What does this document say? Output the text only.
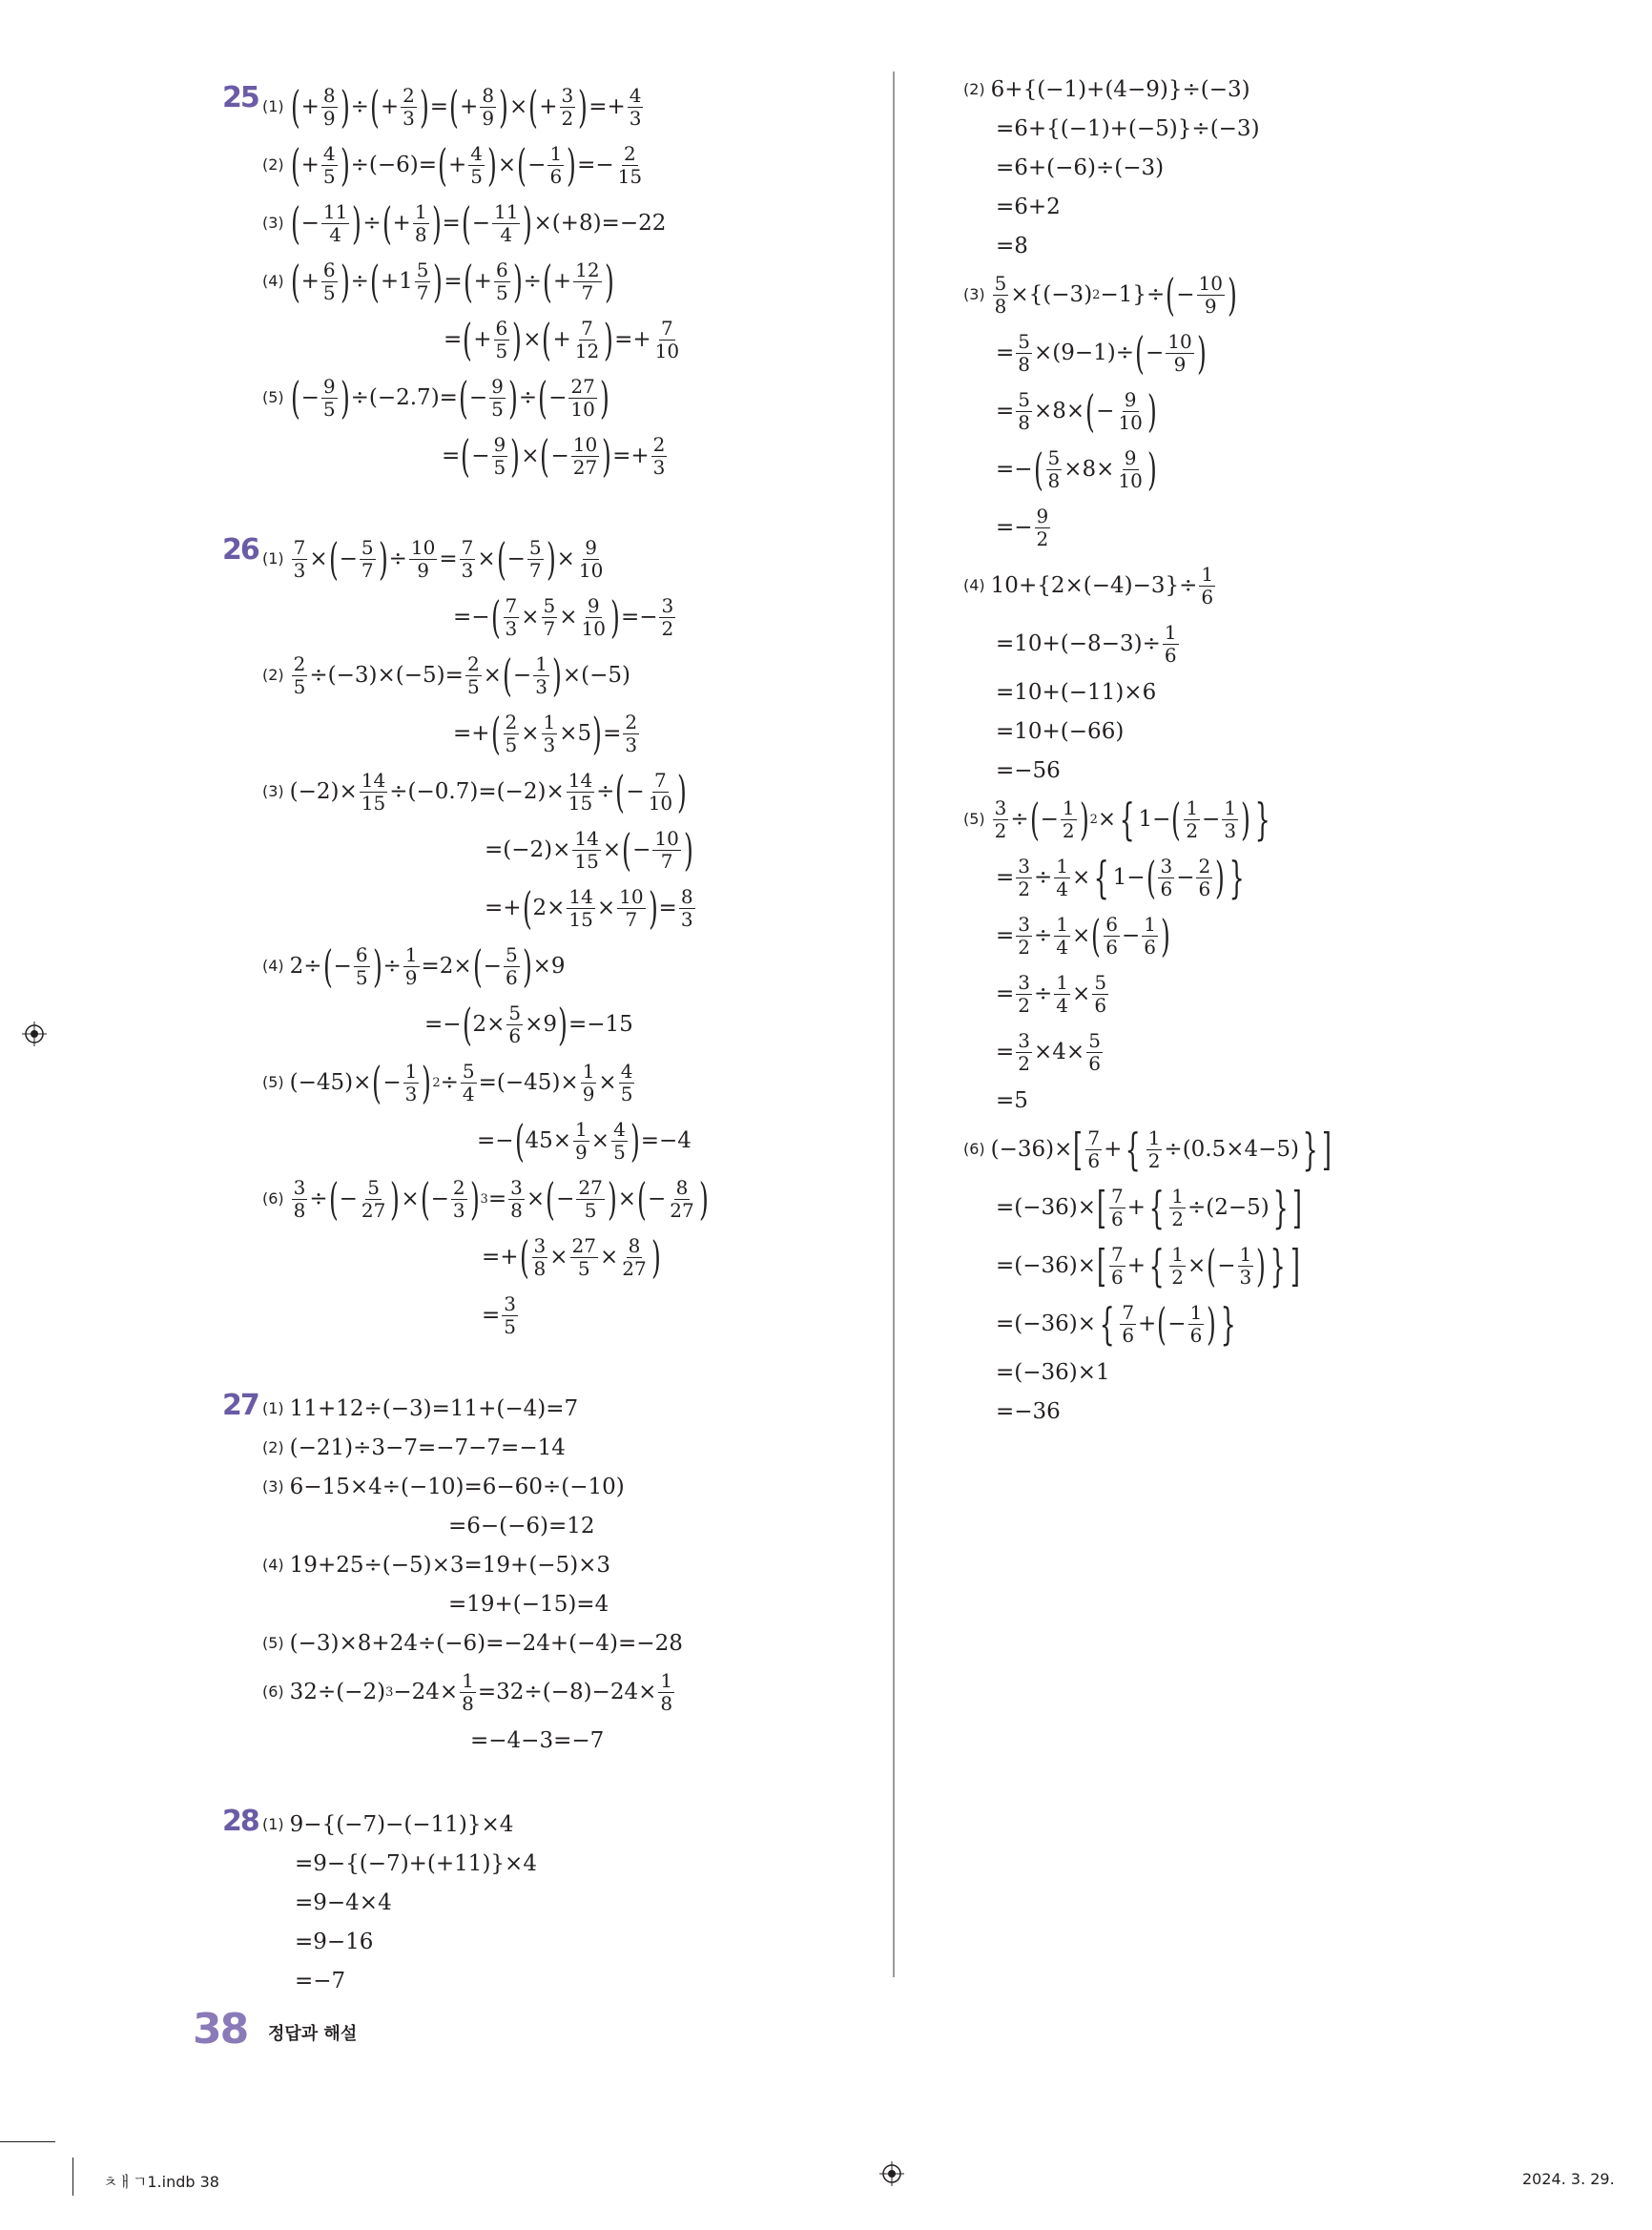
25 (1) ( + $\frac{8}{9}$ ) ÷ ( + $\frac{2}{3}$ ) = ( + $\frac{8}{9}$ ) × ( + $\frac{3}{2}$ ) =+ $\frac{4}{3}$
(2) ( + $\frac{4}{5}$ ) ÷(−6)= ( + $\frac{4}{5}$ ) × ( − $\frac{1}{6}$ ) =− $\frac{2}{15}$
(3) ( − $\frac{11}{4}$ ) ÷ ( + $\frac{1}{8}$ ) = ( − $\frac{11}{4}$ ) ×(+8)=−22
(4) ( + $\frac{6}{5}$ ) ÷ ( $+1 \frac{5}{7}$ ) = ( + $\frac{6}{5}$ ) ÷ ( + $\frac{12}{7}$ )
= ( + $\frac{6}{5}$ ) × ( + $\frac{7}{12}$ ) =+ $\frac{7}{10}$
(5) ( − $\frac{9}{5}$ ) ÷(−2.7)= ( − $\frac{9}{5}$ ) ÷ ( − $\frac{27}{10}$ )
= ( − $\frac{9}{5}$ ) × ( − $\frac{10}{27}$ ) =+ $\frac{2}{3}$
26 $(1) \frac{7}{3}$ × ( − $\frac{5}{7}$ ) ÷ $\frac{10}{9} = \frac{7}{3}$ × ( − $\frac{5}{7}$ ) × $\frac{9}{10}$
=− ( $\frac{7}{3} \times \frac{5}{7} \times \frac{9}{10}$ ) =− $\frac{3}{2}$
$(2) \frac{2}{5} \div(-3)\times(-5)= \frac{2}{5}$ × ( − $\frac{1}{3}$ ) ×(−5)
=+ ( $\frac{2}{5} \times \frac{1}{3} \times 5$ ) = $\frac{2}{3}$
(3) $(-2)\times \frac{14}{15} \div(-0.7)=(-2)\times \frac{14}{15}$ ÷ ( − $\frac{7}{10}$ )
$=(-2)\times \frac{14}{15}$ × ( − $\frac{10}{7}$ )
=+ ( $2\times \frac{14}{15} \times \frac{10}{7}$ ) = $\frac{8}{3}$
(4) 2÷ ( − $\frac{6}{5}$ ) ÷ $\frac{1}{9} =2\times$ ( − $\frac{5}{6}$ ) ×9
=− ( $2\times \frac{5}{6} \times 9$ ) =−15
(5) (−45)× ( − $\frac{1}{3}$ ) $2 \div \frac{5}{4} =(-45)\times \frac{1}{9} \times \frac{4}{5}$
=− ( $45\times \frac{1}{9} \times \frac{4}{5}$ ) =−4
$(6) \frac{3}{8}$ ÷ ( − $\frac{5}{27}$ ) × ( − $\frac{2}{3}$ ) $3 = \frac{3}{8}$ × ( − $\frac{27}{5}$ ) × ( − $\frac{8}{27}$ )
=+ ( $\frac{3}{8} \times \frac{27}{5} \times \frac{8}{27}$ )
= $\frac{3}{5}$
27 (1) 11+12÷(−3)=11+(−4)=7
(2) (−21)÷3−7=−7−7=−14
(3) 6−15×4÷(−10)=6−60÷(−10)
=6−(−6)=12
(4) 19+25÷(−5)×3=19+(−5)×3
=19+(−15)=4
(5) (−3)×8+24÷(−6)=−24+(−4)=−28
(6) 32÷(−2) $3 -24\times \frac{1}{8} =32\div(-8)-24\times \frac{1}{8}$
=−4−3=−7
28 (1) 9−{(−7)−(−11)}×4
=9−{(−7)+(+11)}×4
=9−4×4
=9−16
=−7
(2) 6+{(−1)+(4−9)}÷(−3)
=6+{(−1)+(−5)}÷(−3)
=6+(−6)÷(−3)
=6+2
=8
$(3) \frac{5}{8} \times\{(-3)$ 2 −1}÷ ( − $\frac{10}{9}$ )
= $\frac{5}{8} \times(9-1)\div$ ( − $\frac{10}{9}$ )
= $\frac{5}{8} \times 8\times$ ( − $\frac{9}{10}$ )
=− ( $\frac{5}{8} \times 8\times \frac{9}{10}$ )
=− $\frac{9}{2}$
(4) $10+\{2\times(-4)-3\}\div \frac{1}{6}$
$=10+(-8-3)\div \frac{1}{6}$
=10+(−11)×6
=10+(−66)
=−56
$(5) \frac{3}{2}$ ÷ ( − $\frac{1}{2}$ ) 2 × { 1− ( $\frac{1}{2} - \frac{1}{3}$ ) }
= $\frac{3}{2} \div \frac{1}{4}$ × { 1− ( $\frac{3}{6} - \frac{2}{6}$ ) }
= $\frac{3}{2} \div \frac{1}{4}$ × ( $\frac{6}{6} - \frac{1}{6}$ )
= $\frac{3}{2} \div \frac{1}{4} \times \frac{5}{6}$
= $\frac{3}{2} \times 4\times \frac{5}{6}$
=5
(6) (−36)× [ $\frac{7}{6}$ + { $\frac{1}{2} \div(0.5\times 4-5)$ } ]
=(−36)× [ $\frac{7}{6}$ + { $\frac{1}{2} \div(2-5)$ } ]
=(−36)× [ $\frac{7}{6}$ + { $\frac{1}{2}$ × ( − $\frac{1}{3}$ ) } ]
=(−36)× { $\frac{7}{6}$ + ( − $\frac{1}{6}$ ) }
=(−36)×1
=−36
38 정답과 해설
ㅊㅐㄱ1.indb 38	2024. 3. 29.
